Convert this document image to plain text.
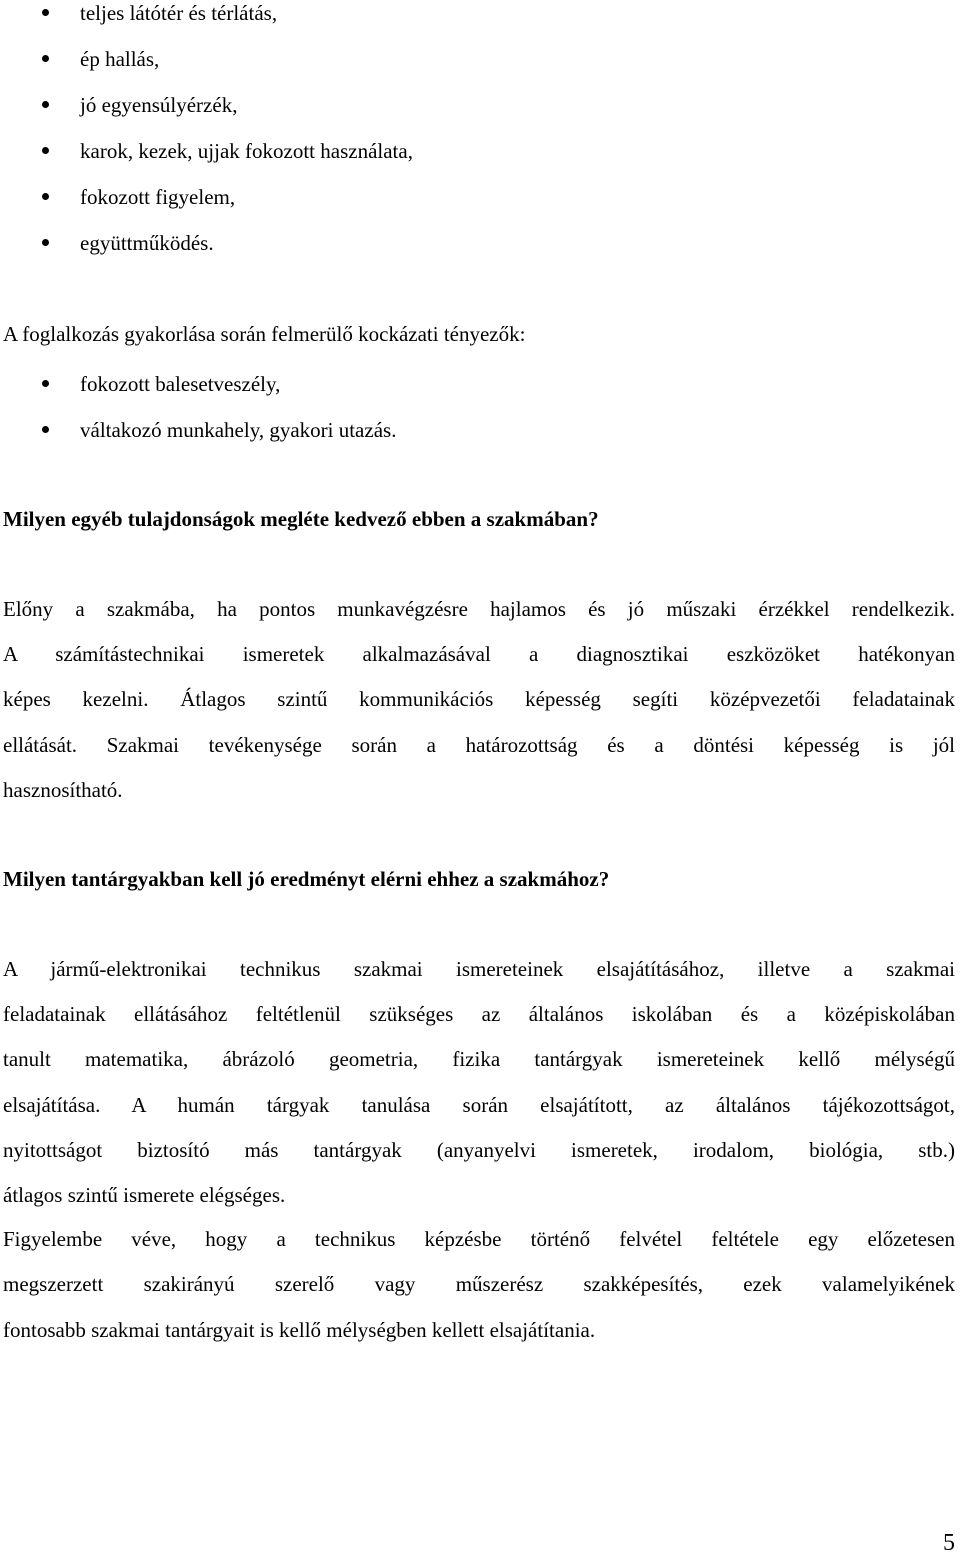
teljes látótér és térlátás,
ép hallás,
jó egyensúlyérzék,
karok, kezek, ujjak fokozott használata,
fokozott figyelem,
együttműködés.
A foglalkozás gyakorlása során felmerülő kockázati tényezők:
fokozott balesetveszély,
váltakozó munkahely, gyakori utazás.
Milyen egyéb tulajdonságok megléte kedvező ebben a szakmában?
Előny a szakmába, ha pontos munkavégzésre hajlamos és jó műszaki érzékkel rendelkezik.
A számítástechnikai ismeretek alkalmazásával a diagnosztikai eszközöket hatékonyan
képes kezelni. Átlagos szintű kommunikációs képesség segíti középvezetői feladatainak
ellátását. Szakmai tevékenysége során a határozottság és a döntési képesség is jól
hasznosítható.
Milyen tantárgyakban kell jó eredményt elérni ehhez a szakmához?
A jármű-elektronikai technikus szakmai ismereteinek elsajátításához, illetve a szakmai
feladatainak ellátásához feltétlenül szükséges az általános iskolában és a középiskolában
tanult matematika, ábrázoló geometria, fizika tantárgyak ismereteinek kellő mélységű
elsajátítása. A humán tárgyak tanulása során elsajátított, az általános tájékozottságot,
nyitottságot biztosító más tantárgyak (anyanyelvi ismeretek, irodalom, biológia, stb.)
átlagos szintű ismerete elégséges.
Figyelembe véve, hogy a technikus képzésbe történő felvétel feltétele egy előzetesen
megszerzett szakirányú szerelő vagy műszerész szakképesítés, ezek valamelyikének
fontosabb szakmai tantárgyait is kellő mélységben kellett elsajátítania.
5
